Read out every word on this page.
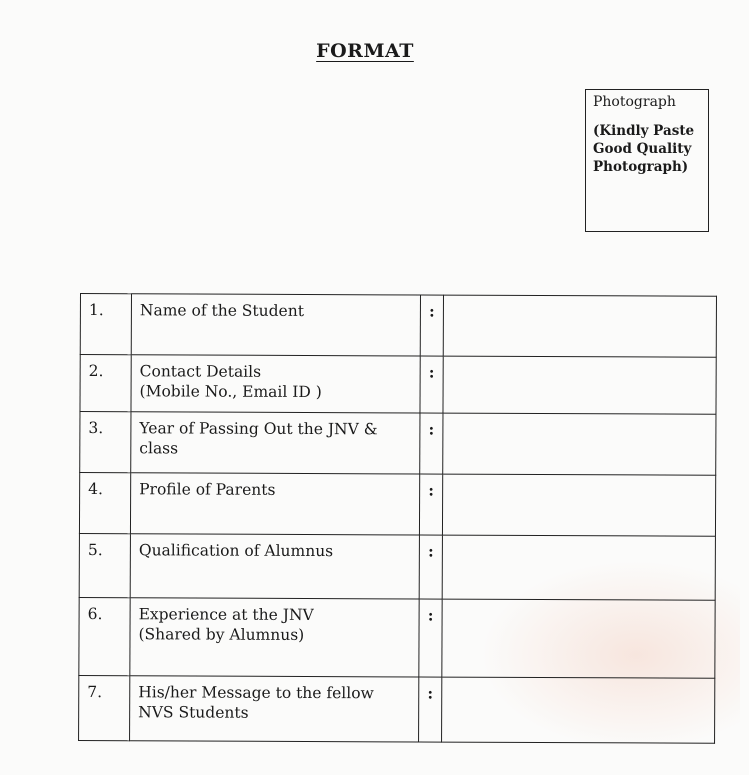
FORMAT
Photograph
(Kindly Paste Good Quality Photograph)
1.	Name of the Student	:	
2.	Contact Details
(Mobile No., Email ID )	:	
3.	Year of Passing Out the JNV & class	:	
4.	Profile of Parents	:	
5.	Qualification of Alumnus	:	
6.	Experience at the JNV
(Shared by Alumnus)	:	
7.	His/her Message to the fellow NVS Students	:	
